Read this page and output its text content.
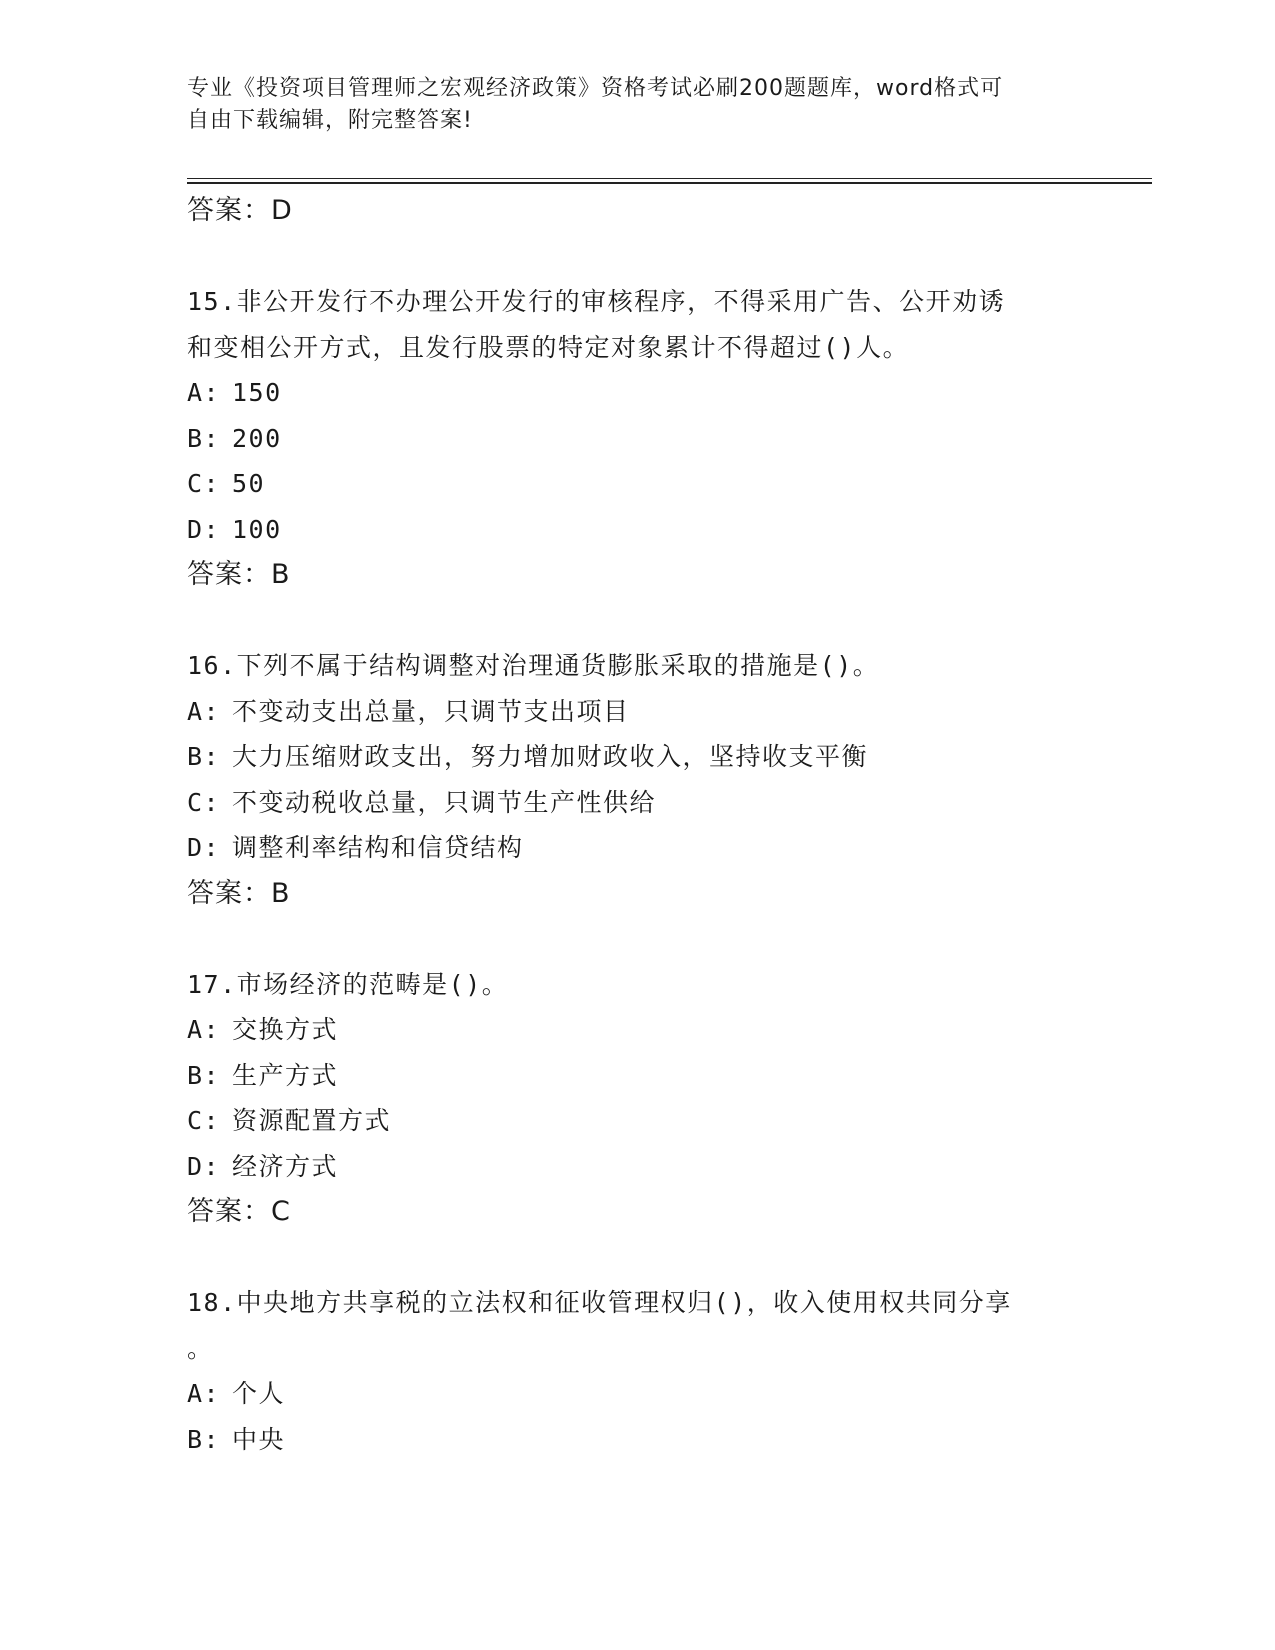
专业《投资项目管理师之宏观经济政策》资格考试必刷200题题库，word格式可
自由下载编辑，附完整答案!
答案：D
15.非公开发行不办理公开发行的审核程序，不得采用广告、公开劝诱
和变相公开方式，且发行股票的特定对象累计不得超过()人。
A: 150
B: 200
C: 50
D: 100
答案：B
16.下列不属于结构调整对治理通货膨胀采取的措施是()。
A: 不变动支出总量，只调节支出项目
B: 大力压缩财政支出，努力增加财政收入，坚持收支平衡
C: 不变动税收总量，只调节生产性供给
D: 调整利率结构和信贷结构
答案：B
17.市场经济的范畴是()。
A: 交换方式
B: 生产方式
C: 资源配置方式
D: 经济方式
答案：C
18.中央地方共享税的立法权和征收管理权归()，收入使用权共同分享
。
A: 个人
B: 中央
